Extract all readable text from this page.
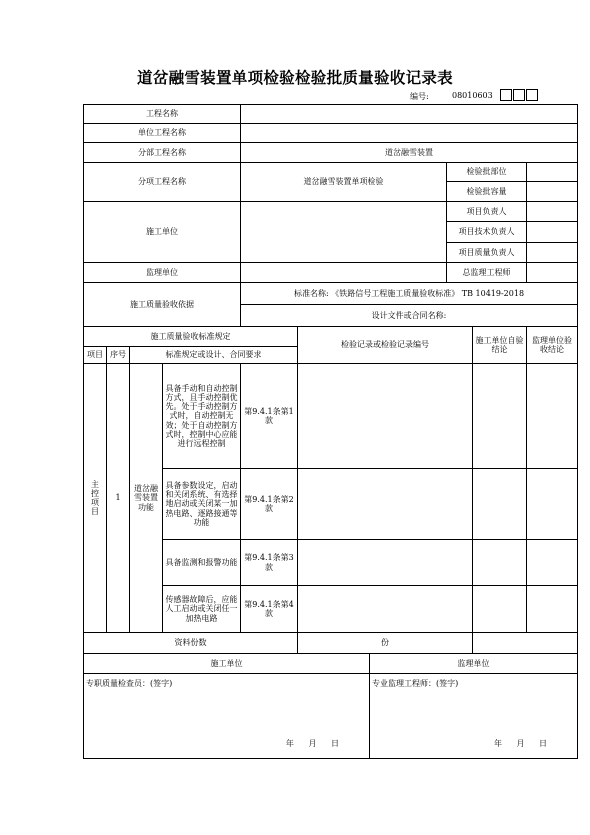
道岔融雪装置单项检验检验批质量验收记录表
编号:	08010603
工程名称									
单位工程名称									
分部工程名称				道岔融雪装置					
分项工程名称				道岔融雪装置单项检验			检验批部位		
							检验批容量		
施工单位							项目负责人		
							项目技术负责人		
							项目质量负责人		
监理单位							总监理工程师		
施工质量验收依据				标准名称: 《铁路信号工程施工质量验收标准》 TB 10419-2018					
				设计文件或合同名称:					
施工质量验收标准规定					检验记录或检验记录编号			施工单位自验结论	监理单位验收结论
项目	序号	标准规定或设计、合同要求							
主控项目	1	道岔融雪装置功能	具备手动和自动控制方式，且手动控制优先。处于手动控制方式时，自动控制无效；处于自动控制方式时，控制中心应能进行远程控制	第9.4.1条第1款					
			具备参数设定，启动和关闭系统、有选择地启动或关闭某一加热电路、逐路接通等功能	第9.4.1条第2款					
			具备监测和报警功能	第9.4.1条第3款					
			传感器故障后，应能人工启动或关闭任一加热电路	第9.4.1条第4款					
资料份数					份				
施工单位						监理单位			

专职质量检查员：(签字)
年 月 日						专业监理工程师：(签字)
年 月 日			
